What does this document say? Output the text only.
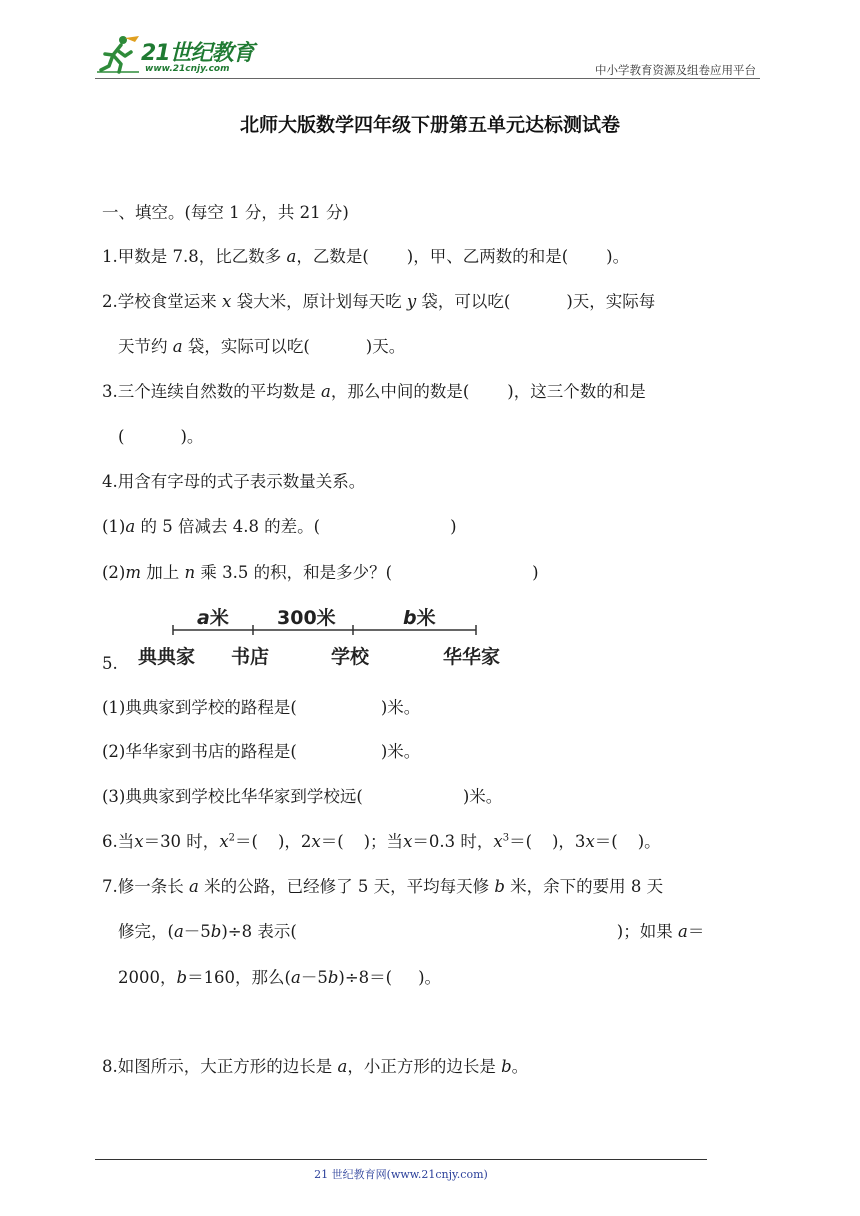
21世纪教育
www.21cnjy.com	中小学教育资源及组卷应用平台
北师大版数学四年级下册第五单元达标测试卷
一、填空。(每空 1 分，共 21 分)
1.甲数是 7.8，比乙数多 a，乙数是( )，甲、乙两数的和是( )。
2.学校食堂运来 x 袋大米，原计划每天吃 y 袋，可以吃(	)天，实际每
天节约 a 袋，实际可以吃(	)天。
3.三个连续自然数的平均数是 a，那么中间的数是( )，这三个数的和是
(	)。
4.用含有字母的式子表示数量关系。
(1)a 的 5 倍减去 4.8 的差。(	)
(2)m 加上 n 乘 3.5 的积，和是多少？(	)
a米	300米	b米
典典家 书店	学校	华华家
5.
(1)典典家到学校的路程是(	)米。
(2)华华家到书店的路程是(	)米。
(3)典典家到学校比华华家到学校远(	)米。
6.当x＝30 时，$x^2=$( )，2x＝( )；当x＝0.3 时，$x^3=$( )，3x＝( )。
7.修一条长 a 米的公路，已经修了 5 天，平均每天修 b 米，余下的要用 8 天
修完，(a－5b)÷8 表示(	)；如果 a＝
2000，b＝160，那么(a－5b)÷8＝( )。
8.如图所示，大正方形的边长是 a，小正方形的边长是 b。
21 世纪教育网(www.21cnjy.com)
